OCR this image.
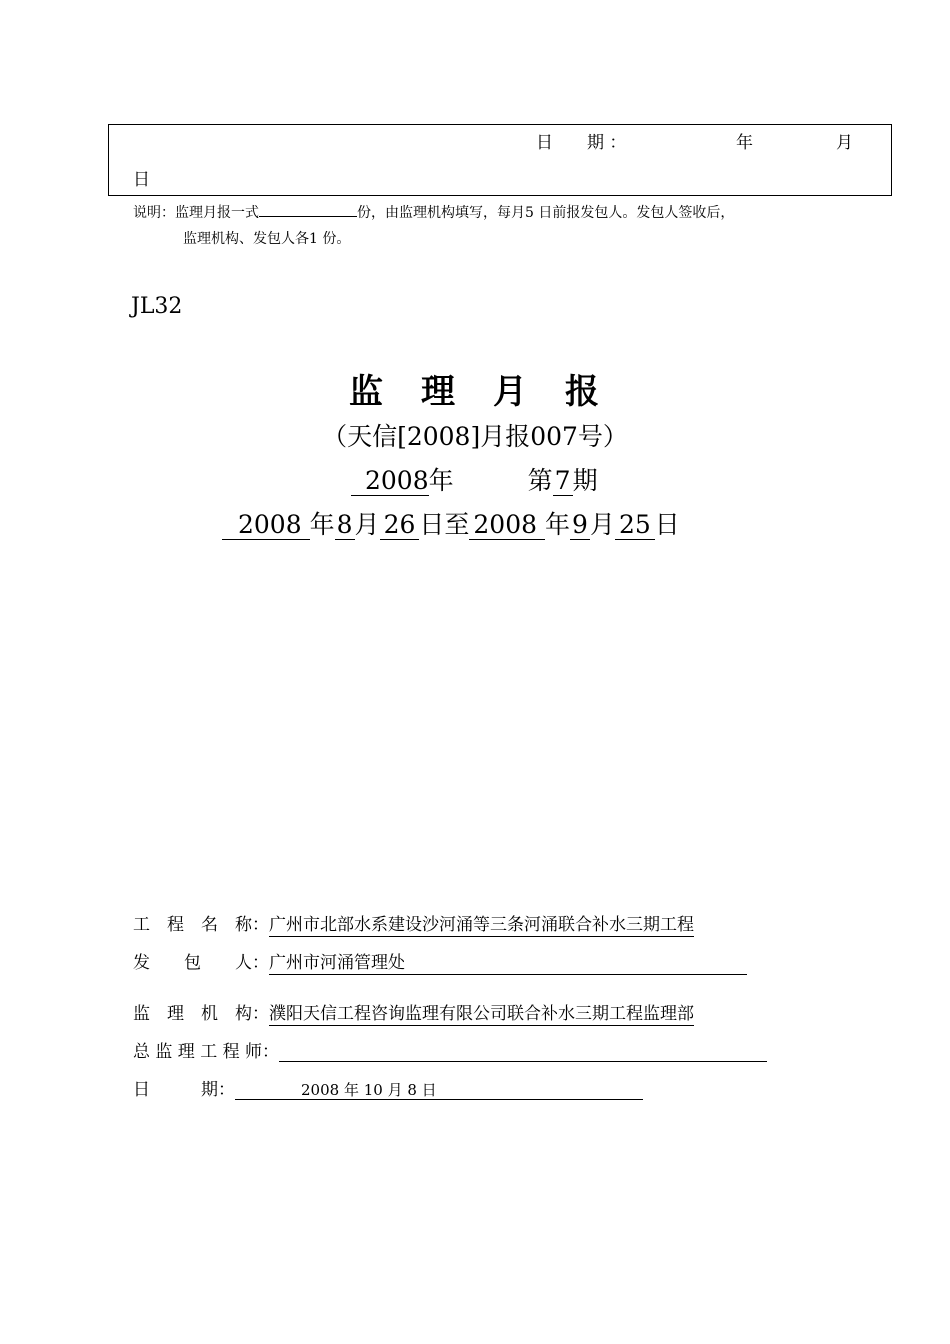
日　　期 ：	年	月
日
说明：监理月报一式	份，由监理机构填写，每月5 日前报发包人。发包人签收后，
监理机构、发包人各1 份。
JL32
监　理　月　报
（天信[2008]月报007号）
2008年	第7期
2008 年8月 26 日至 2008 年9月 25 日
工　程　名　称：广州市北部水系建设沙河涌等三条河涌联合补水三期工程
发　　包　　人：广州市河涌管理处
监　理　机　构：濮阳天信工程咨询监理有限公司联合补水三期工程监理部
总 监 理 工 程 师：
日　　　期：	2008 年 10 月 8 日
